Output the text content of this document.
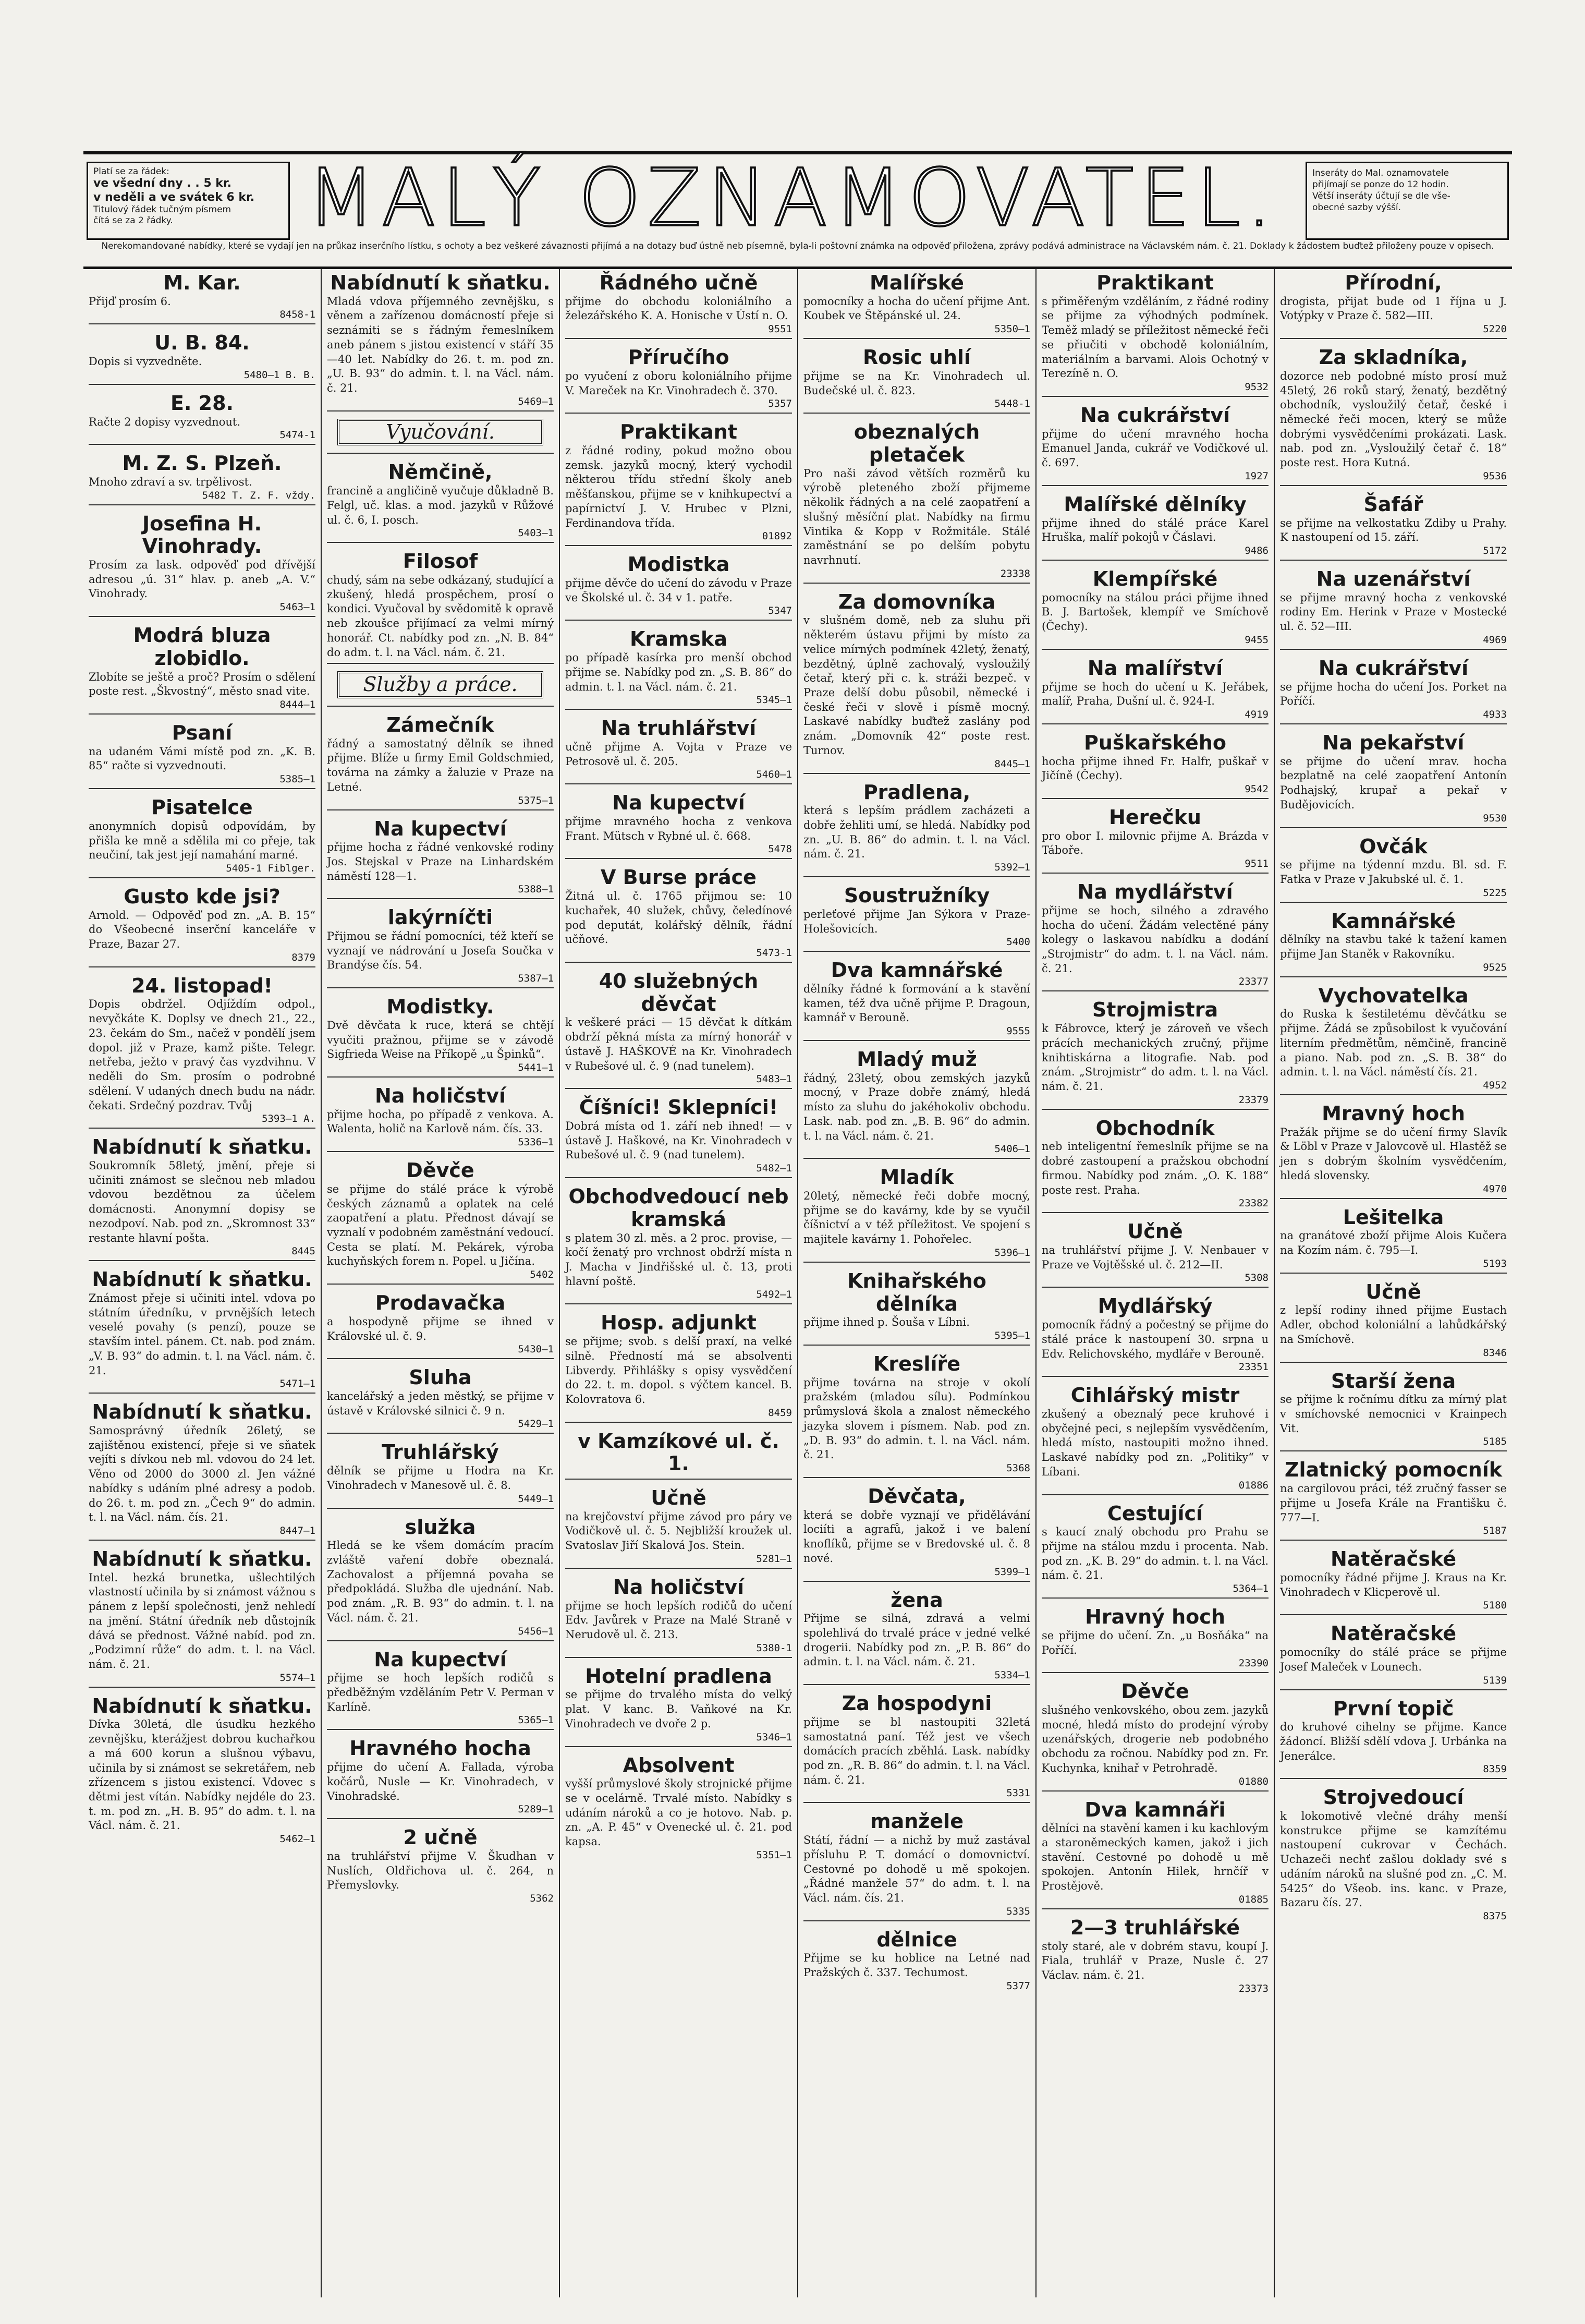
Platí se za řádek:
ve všední dny . . 5 kr.
v neděli a ve svátek 6 kr.
Titulový řádek tučným písmem
čítá se za 2 řádky.	MALÝ OZNAMOVATEL.	Inseráty do Mal. oznamovatele
přijímají se ponze do 12 hodin.
Větší inseráty účtují se dle vše-
obecné sazby výšší.
Nerekomandované nabídky, které se vydají jen na průkaz inserčního lístku, s ochoty a bez veškeré závaznosti přijímá a na dotazy buď ústně neb písemně, byla-li poštovní známka na odpověď přiložena, zprávy podává administrace na Václavském nám. č. 21. Doklady k žádostem buďtež přiloženy pouze v opisech.
M. Kar.
Přijď prosím 6.
8458-1
U. B. 84.
Dopis si vyzvedněte.
5480—1 B. B.
E. 28.
Račte 2 dopisy vyzvednout.
5474-1
M. Z. S. Plzeň.
Mnoho zdraví a sv. trpělivost.
5482 T. Z. F. vždy.
Josefina H. Vinohrady.
Prosím za lask. odpověď pod dřívější adresou „ú. 31“ hlav. p. aneb „A. V.“ Vinohrady.
5463—1
Modrá bluza zlobidlo.
Zlobíte se ještě a proč? Prosím o sdělení poste rest. „Škvostný“, město snad vite.
8444—1
Psaní
na udaném Vámi místě pod zn. „K. B. 85“ račte si vyzvednouti.
5385—1
Pisatelce
anonymních dopisů odpovídám, by přišla ke mně a sdělila mi co přeje, tak neučiní, tak jest její namahání marné.
5405-1 Fiblger.
Gusto kde jsi?
Arnold. — Odpověď pod zn. „A. B. 15“ do Všeobecné inserční kanceláře v Praze, Bazar 27.
8379
24. listopad!
Dopis obdržel. Odjíždím odpol., nevyčkáte K. Doplsy ve dnech 21., 22., 23. čekám do Sm., načež v pondělí jsem dopol. již v Praze, kamž pište. Telegr. netřeba, ježto v pravý čas vyzdvihnu. V neděli do Sm. prosím o podrobné sdělení. V udaných dnech budu na nádr. čekati. Srdečný pozdrav. Tvůj
5393—1 A.
Nabídnutí k sňatku.
Soukromník 58letý, jmění, přeje si učiniti známost se slečnou neb mladou vdovou bezdětnou za účelem domácnosti. Anonymní dopisy se nezodpoví. Nab. pod zn. „Skromnost 33“ restante hlavní pošta.
8445
Nabídnutí k sňatku.
Známost přeje si učiniti intel. vdova po státním úředníku, v prvnějších letech veselé povahy (s penzí), pouze se stavším intel. pánem. Ct. nab. pod znám. „V. B. 93“ do admin. t. l. na Václ. nám. č. 21.
5471—1
Nabídnutí k sňatku.
Samosprávný úředník 26letý, se zajištěnou existencí, přeje si ve sňatek vejíti s dívkou neb ml. vdovou do 24 let. Věno od 2000 do 3000 zl. Jen vážné nabídky s udáním plné adresy a podob. do 26. t. m. pod zn. „Čech 9“ do admin. t. l. na Václ. nám. čís. 21.
8447—1
Nabídnutí k sňatku.
Intel. hezká brunetka, ušlechtilých vlastností učinila by si známost vážnou s pánem z lepší společnosti, jenž nehledí na jmění. Státní úředník neb důstojník dává se přednost. Vážné nabíd. pod zn. „Podzimní růže“ do adm. t. l. na Václ. nám. č. 21.
5574—1
Nabídnutí k sňatku.
Dívka 30letá, dle úsudku hezkého zevnějšku, kterážjest dobrou kuchařkou a má 600 korun a slušnou výbavu, učinila by si známost se sekretářem, neb zřízencem s jistou existencí. Vdovec s dětmi jest vítán. Nabídky nejdéle do 23. t. m. pod zn. „H. B. 95“ do adm. t. l. na Václ. nám. č. 21.
5462—1
Nabídnutí k sňatku.
Mladá vdova příjemného zevnějšku, s věnem a zařízenou domácností přeje si seznámiti se s řádným řemeslníkem aneb pánem s jistou existencí v stáří 35—40 let. Nabídky do 26. t. m. pod zn. „U. B. 93“ do admin. t. l. na Václ. nám. č. 21.
5469—1
Vyučování.
Němčině,
francině a angličině vyučuje důkladně B. Felgl, uč. klas. a mod. jazyků v Růžové ul. č. 6, I. posch.
5403—1
Filosof
chudý, sám na sebe odkázaný, studující a zkušený, hledá prospěchem, prosí o kondici. Vyučoval by svědomitě k opravě neb zkoušce přijímací za velmi mírný honorář. Ct. nabídky pod zn. „N. B. 84“ do adm. t. l. na Václ. nám. č. 21.
Služby a práce.
Zámečník
řádný a samostatný dělník se ihned přijme. Blíže u firmy Emil Goldschmied, továrna na zámky a žaluzie v Praze na Letné.
5375—1
Na kupectví
přijme hocha z řádné venkovské rodiny Jos. Stejskal v Praze na Linhardském náměstí 128—1.
5388—1
lakýrníčti
Přijmou se řádní pomocníci, též kteří se vyznají ve nádrování u Josefa Součka v Brandýse čís. 54.
5387—1
Modistky.
Dvě děvčata k ruce, která se chtějí vyučiti pražnou, přijme se v závodě Sigfrieda Weise na Příkopě „u Špinků“.
5441—1
Na holičství
přijme hocha, po případě z venkova. A. Walenta, holič na Karlově nám. čís. 33.
5336—1
Děvče
se přijme do stálé práce k výrobě českých záznamů a oplatek na celé zaopatření a platu. Přednost dávají se vyznalí v podobném zaměstnání vedoucí. Cesta se platí. M. Pekárek, výroba kuchyňských forem n. Popel. u Jičína.
5402
Prodavačka
a hospodyně přijme se ihned v Královské ul. č. 9.
5430—1
Sluha
kancelářský a jeden městký, se přijme v ústavě v Královské silnici č. 9 n.
5429—1
Truhlářský
dělník se přijme u Hodra na Kr. Vinohradech v Manesově ul. č. 8.
5449—1
služka
Hledá se ke všem domácím pracím zvláště vaření dobře obeznalá. Zachovalost a příjemná povaha se předpokládá. Služba dle ujednání. Nab. pod znám. „R. B. 93“ do admin. t. l. na Václ. nám. č. 21.
5456—1
Na kupectví
přijme se hoch lepších rodičů s předběžným vzděláním Petr V. Perman v Karlíně.
5365—1
Hravného hocha
přijme do učení A. Fallada, výroba kočárů, Nusle — Kr. Vinohradech, v Vinohradské.
5289—1
2 učně
na truhlářství přijme V. Škudhan v Nuslích, Oldřichova ul. č. 264, n Přemyslovky.
5362
Řádného učně
přijme do obchodu koloniálního a železářského K. A. Honische v Ústí n. O.
9551
Příručího
po vyučení z oboru koloniálního přijme V. Mareček na Kr. Vinohradech č. 370.
5357
Praktikant
z řádné rodiny, pokud možno obou zemsk. jazyků mocný, který vychodil některou třídu střední školy aneb měšťanskou, přijme se v knihkupectví a papírnictví J. V. Hrubec v Plzni, Ferdinandova třída.
01892
Modistka
přijme děvče do učení do závodu v Praze ve Školské ul. č. 34 v 1. patře.
5347
Kramska
po případě kasírka pro menší obchod přijme se. Nabídky pod zn. „S. B. 86“ do admin. t. l. na Václ. nám. č. 21.
5345—1
Na truhlářství
učně přijme A. Vojta v Praze ve Petrosově ul. č. 205.
5460—1
Na kupectví
přijme mravného hocha z venkova Frant. Mütsch v Rybné ul. č. 668.
5478
V Burse práce
Žitná ul. č. 1765 přijmou se: 10 kuchařek, 40 služek, chůvy, čeledínové pod deputát, kolářský dělník, řádní učňové.
5473-1
40 služebných děvčat
k veškeré práci — 15 děvčat k dítkám obdrží pěkná místa za mírný honorář v ústavě J. HAŠKOVÉ na Kr. Vinohradech v Rubešové ul. č. 9 (nad tunelem).
5483—1
Číšníci! Sklepníci!
Dobrá místa od 1. září neb ihned! — v ústavě J. Haškové, na Kr. Vinohradech v Rubešové ul. č. 9 (nad tunelem).
5482—1
Obchodvedoucí neb kramská
s platem 30 zl. měs. a 2 proc. provise, — kočí ženatý pro vrchnost obdrží místa n J. Macha v Jindřišské ul. č. 13, proti hlavní poště.
5492—1
Hosp. adjunkt
se přijme; svob. s delší praxí, na velké silně. Předností má se absolventi Libverdy. Přihlášky s opisy vysvědčení do 22. t. m. dopol. s výčtem kancel. B. Kolovratova 6.
8459
v Kamzíkové ul. č. 1.
Učně
na krejčovství přijme závod pro páry ve Vodičkově ul. č. 5. Nejbližší kroužek ul. Svatoslav Jiří Skalová Jos. Stein.
5281—1
Na holičství
přijme se hoch lepších rodičů do učení Edv. Javůrek v Praze na Malé Straně v Nerudově ul. č. 213.
5380-1
Hotelní pradlena
se přijme do trvalého místa do velký plat. V kanc. B. Vaňkové na Kr. Vinohradech ve dvoře 2 p.
5346—1
Absolvent
vyšší průmyslové školy strojnické přijme se v ocelárně. Trvalé místo. Nabídky s udáním nároků a co je hotovo. Nab. p. zn. „A. P. 45“ v Ovenecké ul. č. 21. pod kapsa.
5351—1
Malířské
pomocníky a hocha do učení přijme Ant. Koubek ve Štěpánské ul. 24.
5350—1
Rosic uhlí
přijme se na Kr. Vinohradech ul. Budečské ul. č. 823.
5448-1
obeznalých pletaček
Pro naši závod větších rozměrů ku výrobě pleteného zboží přijmeme několik řádných a na celé zaopatření a slušný měsíční plat. Nabídky na firmu Vintika & Kopp v Rožmitále. Stálé zaměstnání se po delším pobytu navrhnutí.
23338
Za domovníka
v slušném domě, neb za sluhu při některém ústavu přijmi by místo za velice mírných podmínek 42letý, ženatý, bezdětný, úplně zachovalý, vysloužilý četař, který při c. k. stráži bezpeč. v Praze delší dobu působil, německé i české řeči v slově i písmě mocný. Laskavé nabídky buďtež zaslány pod znám. „Domovník 42“ poste rest. Turnov.
8445—1
Pradlena,
která s lepším prádlem zacházeti a dobře žehliti umí, se hledá. Nabídky pod zn. „U. B. 86“ do admin. t. l. na Václ. nám. č. 21.
5392—1
Soustružníky
perleťové přijme Jan Sýkora v Praze-Holešovicích.
5400
Dva kamnářské
dělníky řádné k formování a k stavění kamen, též dva učně přijme P. Dragoun, kamnář v Berouně.
9555
Mladý muž
řádný, 23letý, obou zemských jazyků mocný, v Praze dobře známý, hledá místo za sluhu do jakéhokoliv obchodu. Lask. nab. pod zn. „B. B. 96“ do admin. t. l. na Václ. nám. č. 21.
5406—1
Mladík
20letý, německé řeči dobře mocný, přijme se do kavárny, kde by se vyučil číšnictví a v též příležitost. Ve spojení s majitele kavárny 1. Pohořelec.
5396—1
Knihařského dělníka
přijme ihned p. Šouša v Líbni.
5395—1
Kreslíře
přijme továrna na stroje v okolí pražském (mladou sílu). Podmínkou průmyslová škola a znalost německého jazyka slovem i písmem. Nab. pod zn. „D. B. 93“ do admin. t. l. na Václ. nám. č. 21.
5368
Děvčata,
která se dobře vyznají ve přidělávání lociíti a agrafů, jakož i ve balení knoflíků, přijme se v Bredovské ul. č. 8 nové.
5399—1
žena
Přijme se silná, zdravá a velmi spolehlivá do trvalé práce v jedné velké drogerii. Nabídky pod zn. „P. B. 86“ do admin. t. l. na Václ. nám. č. 21.
5334—1
Za hospodyni
přijme se bl nastoupiti 32letá samostatná paní. Též jest ve všech domácích pracích zběhlá. Lask. nabídky pod zn. „R. B. 86“ do admin. t. l. na Václ. nám. č. 21.
5331
manžele
Státí, řádní — a nichž by muž zastával přísluhu P. T. domácí o domovnictví. Cestovné po dohodě u mě spokojen. „Řádné manžele 57“ do adm. t. l. na Václ. nám. čís. 21.
5335
dělnice
Přijme se ku hoblice na Letné nad Pražských č. 337. Techumost.
5377
Praktikant
s přiměřeným vzděláním, z řádné rodiny se přijme za výhodných podmínek. Teměž mladý se příležitost německé řeči se přiučiti v obchodě koloniálním, materiálním a barvami. Alois Ochotný v Terezíně n. O.
9532
Na cukrářství
přijme do učení mravného hocha Emanuel Janda, cukrář ve Vodičkové ul. č. 697.
1927
Malířské dělníky
přijme ihned do stálé práce Karel Hruška, malíř pokojů v Čáslavi.
9486
Klempířské
pomocníky na stálou práci přijme ihned B. J. Bartošek, klempíř ve Smíchově (Čechy).
9455
Na malířství
přijme se hoch do učení u K. Jeřábek, malíř, Praha, Dušní ul. č. 924-I.
4919
Puškařského
hocha přijme ihned Fr. Halfr, puškař v Jičíně (Čechy).
9542
Herečku
pro obor I. milovnic přijme A. Brázda v Táboře.
9511
Na mydlářství
přijme se hoch, silného a zdravého hocha do učení. Žádám velectěné pány kolegy o laskavou nabídku a dodání „Strojmistr“ do adm. t. l. na Václ. nám. č. 21.
23377
Strojmistra
k Fábrovce, který je zároveň ve všech prácích mechanických zručný, přijme knihtiskárna a litografie. Nab. pod znám. „Strojmistr“ do adm. t. l. na Václ. nám. č. 21.
23379
Obchodník
neb inteligentní řemeslník přijme se na dobré zastoupení a pražskou obchodní firmou. Nabídky pod znám. „O. K. 188“ poste rest. Praha.
23382
Učně
na truhlářství přijme J. V. Nenbauer v Praze ve Vojtěšské ul. č. 212—II.
5308
Mydlářský
pomocník řádný a počestný se přijme do stálé práce k nastoupení 30. srpna u Edv. Relichovského, mydláře v Berouně.
23351
Cihlářský mistr
zkušený a obeznalý pece kruhové i obyčejné peci, s nejlepším vysvědčením, hledá místo, nastoupiti možno ihned. Laskavé nabídky pod zn. „Politiky“ v Líbani.
01886
Cestující
s kaucí znalý obchodu pro Prahu se přijme na stálou mzdu i procenta. Nab. pod zn. „K. B. 29“ do admin. t. l. na Václ. nám. č. 21.
5364—1
Hravný hoch
se přijme do učení. Zn. „u Bosňáka“ na Poříčí.
23390
Děvče
slušného venkovského, obou zem. jazyků mocné, hledá místo do prodejní výroby uzenářských, drogerie neb podobného obchodu za ročnou. Nabídky pod zn. Fr. Kuchynka, knihař v Petrohradě.
01880
Dva kamnáři
dělníci na stavění kamen i ku kachlovým a staroněmeckých kamen, jakož i jich stavění. Cestovné po dohodě u mě spokojen. Antonín Hilek, hrnčíř v Prostějově.
01885
2—3 truhlářské
stoly staré, ale v dobrém stavu, koupí J. Fiala, truhlář v Praze, Nusle č. 27 Václav. nám. č. 21.
23373
Přírodní,
drogista, přijat bude od 1 října u J. Votýpky v Praze č. 582—III.
5220
Za skladníka,
dozorce neb podobné místo prosí muž 45letý, 26 roků starý, ženatý, bezdětný obchodník, vysloužilý četař, české i německé řeči mocen, který se může dobrými vysvědčeními prokázati. Lask. nab. pod zn. „Vysloužilý četař č. 18“ poste rest. Hora Kutná.
9536
Šafář
se přijme na velkostatku Zdiby u Prahy. K nastoupení od 15. září.
5172
Na uzenářství
se přijme mravný hocha z venkovské rodiny Em. Herink v Praze v Mostecké ul. č. 52—III.
4969
Na cukrářství
se přijme hocha do učení Jos. Porket na Poříčí.
4933
Na pekařství
se přijme do učení mrav. hocha bezplatně na celé zaopatření Antonín Podhajský, krupař a pekař v Budějovicích.
9530
Ovčák
se přijme na týdenní mzdu. Bl. sd. F. Fatka v Praze v Jakubské ul. č. 1.
5225
Kamnářské
dělníky na stavbu také k tažení kamen přijme Jan Staněk v Rakovníku.
9525
Vychovatelka
do Ruska k šestiletému děvčátku se přijme. Žádá se způsobilost k vyučování literním předmětům, němčině, francině a piano. Nab. pod zn. „S. B. 38“ do admin. t. l. na Václ. náměstí čís. 21.
4952
Mravný hoch
Pražák přijme se do učení firmy Slavík & Löbl v Praze v Jalovcově ul. Hlastěž se jen s dobrým školním vysvědčením, hledá slovensky.
4970
Lešitelka
na granátové zboží přijme Alois Kučera na Kozím nám. č. 795—I.
5193
Učně
z lepší rodiny ihned přijme Eustach Adler, obchod koloniální a lahůdkářský na Smíchově.
8346
Starší žena
se přijme k ročnímu dítku za mírný plat v smíchovské nemocnici v Krainpech Vit.
5185
Zlatnický pomocník
na cargilovou práci, též zručný fasser se přijme u Josefa Krále na Františku č. 777—I.
5187
Natěračské
pomocníky řádné přijme J. Kraus na Kr. Vinohradech v Klicperově ul.
5180
Natěračské
pomocníky do stálé práce se přijme Josef Maleček v Lounech.
5139
První topič
do kruhové cihelny se přijme. Kance žádoncí. Bližší sdělí vdova J. Urbánka na Jenerálce.
8359
Strojvedoucí
k lokomotivě vlečné dráhy menší konstrukce přijme se kamzítému nastoupení cukrovar v Čechách. Uchazeči nechť zašlou doklady své s udáním nároků na slušné pod zn. „C. M. 5425“ do Všeob. ins. kanc. v Praze, Bazaru čís. 27.
8375
